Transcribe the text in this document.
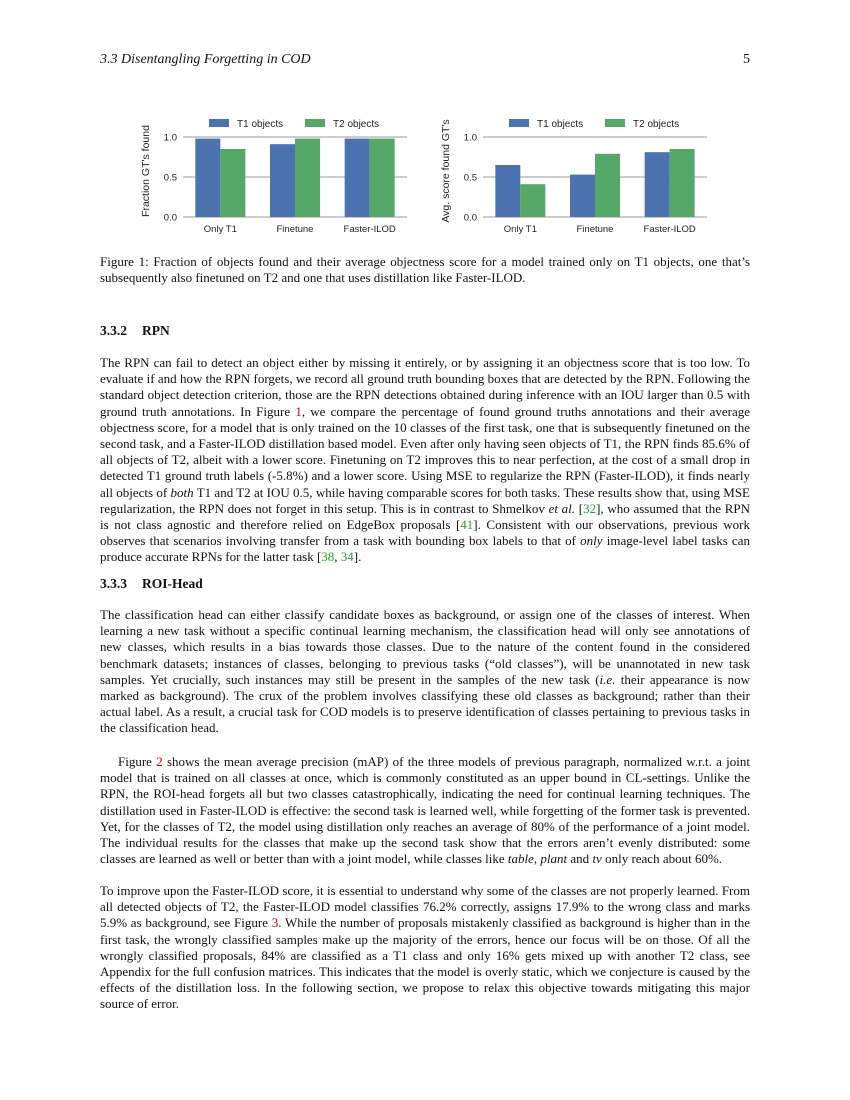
3.3 Disentangling Forgetting in COD	5
0.0
0.5
1.0
Fraction GT's found
Only T1	Finetune	Faster-ILOD
T1 objects	T2 objects
0.0
0.5
1.0
Avg. score found GT's
Only T1	Finetune	Faster-ILOD
T1 objects	T2 objects
Figure 1: Fraction of objects found and their average objectness score for a model trained only on T1 objects, one that’s subsequently also finetuned on T2 and one that uses distillation like Faster-ILOD.
3.3.2 RPN

The RPN can fail to detect an object either by missing it entirely, or by assigning it an objectness score that is too low. To evaluate if and how the RPN forgets, we record all ground truth bounding boxes that are detected by the RPN. Following the standard object detection criterion, those are the RPN detections obtained during inference with an IOU larger than 0.5 with ground truth annotations. In Figure 1, we compare the percentage of found ground truths annotations and their average objectness score, for a model that is only trained on the 10 classes of the first task, one that is subsequently finetuned on the second task, and a Faster-ILOD distillation based model. Even after only having seen objects of T1, the RPN finds 85.6% of all objects of T2, albeit with a lower score. Finetuning on T2 improves this to near perfection, at the cost of a small drop in detected T1 ground truth labels (-5.8%) and a lower score. Using MSE to regularize the RPN (Faster-ILOD), it finds nearly all objects of both T1 and T2 at IOU 0.5, while having comparable scores for both tasks. These results show that, using MSE regularization, the RPN does not forget in this setup. This is in contrast to Shmelkov et al. [32], who assumed that the RPN is not class agnostic and therefore relied on EdgeBox proposals [41]. Consistent with our observations, previous work observes that scenarios involving transfer from a task with bounding box labels to that of only image-level label tasks can produce accurate RPNs for the latter task [38, 34].

3.3.3 ROI-Head

The classification head can either classify candidate boxes as background, or assign one of the classes of interest. When learning a new task without a specific continual learning mechanism, the classification head will only see annotations of new classes, which results in a bias towards those classes. Due to the nature of the content found in the considered benchmark datasets; instances of classes, belonging to previous tasks (“old classes”), will be unannotated in new task samples. Yet crucially, such instances may still be present in the samples of the new task (i.e. their appearance is now marked as background). The crux of the problem involves classifying these old classes as background; rather than their actual label. As a result, a crucial task for COD models is to preserve identification of classes pertaining to previous tasks in the classification head.

Figure 2 shows the mean average precision (mAP) of the three models of previous paragraph, normalized w.r.t. a joint model that is trained on all classes at once, which is commonly constituted as an upper bound in CL-settings. Unlike the RPN, the ROI-head forgets all but two classes catastrophically, indicating the need for continual learning techniques. The distillation used in Faster-ILOD is effective: the second task is learned well, while forgetting of the former task is prevented. Yet, for the classes of T2, the model using distillation only reaches an average of 80% of the performance of a joint model. The individual results for the classes that make up the second task show that the errors aren’t evenly distributed: some classes are learned as well or better than with a joint model, while classes like table, plant and tv only reach about 60%.

To improve upon the Faster-ILOD score, it is essential to understand why some of the classes are not properly learned. From all detected objects of T2, the Faster-ILOD model classifies 76.2% correctly, assigns 17.9% to the wrong class and marks 5.9% as background, see Figure 3. While the number of proposals mistakenly classified as background is higher than in the first task, the wrongly classified samples make up the majority of the errors, hence our focus will be on those. Of all the wrongly classified proposals, 84% are classified as a T1 class and only 16% gets mixed up with another T2 class, see Appendix for the full confusion matrices. This indicates that the model is overly static, which we conjecture is caused by the effects of the distillation loss. In the following section, we propose to relax this objective towards mitigating this major source of error.
